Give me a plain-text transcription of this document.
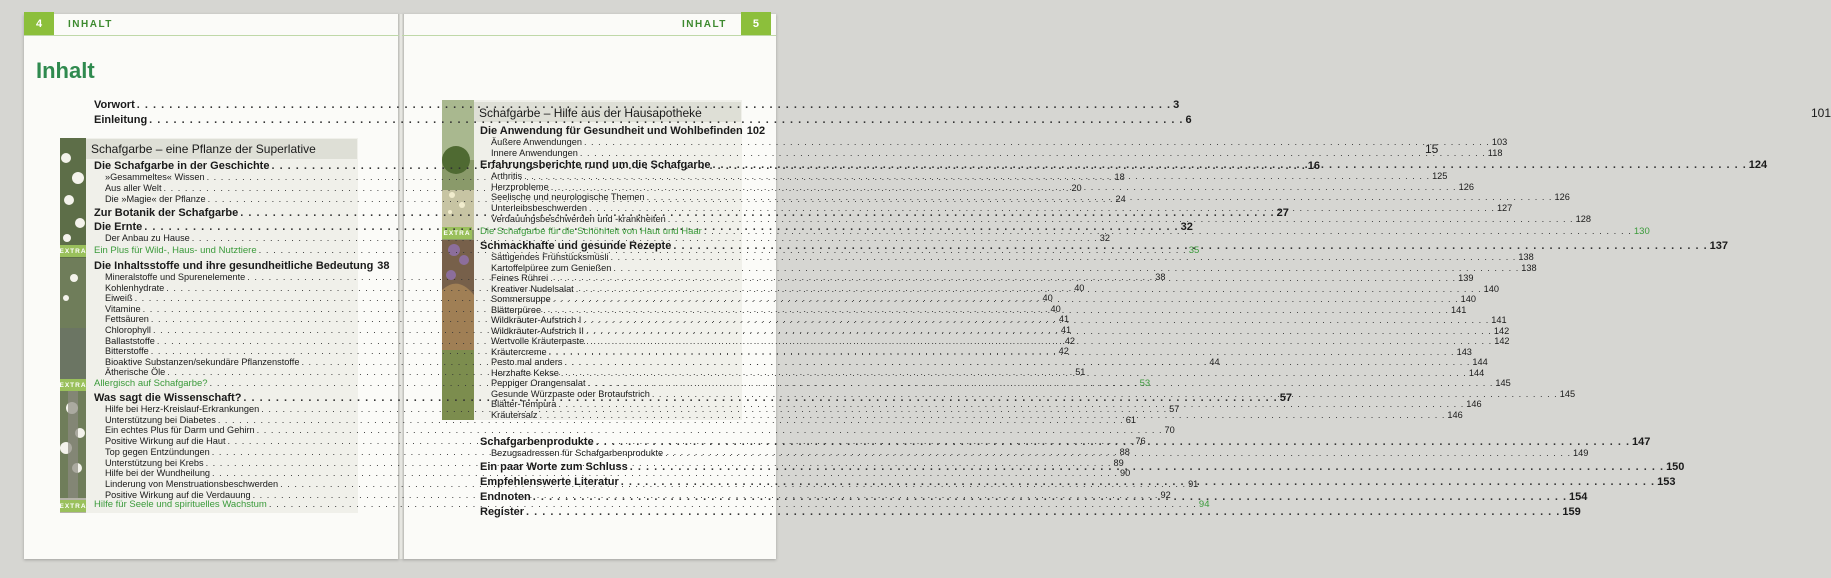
4	INHALT	INHALT	5
Inhalt
EXTRA
EXTRA
EXTRA
EXTRA
Vorwort . . .	3
Einleitung . . .	6
Schafgarbe – eine Pflanze der Superlative	15
Die Schafgarbe in der Geschichte . . .	16
»Gesammeltes« Wissen . . .	18
Aus aller Welt . . .	20
Die »Magie« der Pflanze . . .	24
Zur Botanik der Schafgarbe . . .	27
Die Ernte . . .	32
Der Anbau zu Hause . . .	32
Ein Plus für Wild-, Haus- und Nutztiere . . .	35
Die Inhaltsstoffe und ihre gesundheitliche Bedeutung 38
Mineralstoffe und Spurenelemente . . .	38
Kohlenhydrate . . .	40
Eiweiß . . .	40
Vitamine . . .	40
Fettsäuren . . .	41
Chlorophyll . . .	41
Ballaststoffe . . .	42
Bitterstoffe . . .	42
Bioaktive Substanzen/sekundäre Pflanzenstoffe . . .	44
Ätherische Öle . . .	51
Allergisch auf Schafgarbe? . . .	53
Was sagt die Wissenschaft? . . .	57
Hilfe bei Herz-Kreislauf-Erkrankungen . . .	57
Unterstützung bei Diabetes . . .	61
Ein echtes Plus für Darm und Gehirn . . .	70
Positive Wirkung auf die Haut . . .	76
Top gegen Entzündungen . . .	88
Unterstützung bei Krebs . . .	89
Hilfe bei der Wundheilung . . .	90
Linderung von Menstruationsbeschwerden . . .	91
Positive Wirkung auf die Verdauung . . .	92
Hilfe für Seele und spirituelles Wachstum . . .	94
Schafgarbe – Hilfe aus der Hausapotheke	101
Die Anwendung für Gesundheit und Wohlbefinden 102
Äußere Anwendungen . . .	103
Innere Anwendungen . . .	118
Erfahrungsberichte rund um die Schafgarbe . . .	124
Arthritis . . .	125
Herzprobleme . . .	126
Seelische und neurologische Themen . . .	126
Unterleibsbeschwerden . . .	127
Verdauungsbeschwerden und -krankheiten . . .	128
Die Schafgarbe für die Schönheit von Haut und Haar . . .	130
Schmackhafte und gesunde Rezepte . . .	137
Sättigendes Frühstücksmüsli . . .	138
Kartoffelpüree zum Genießen . . .	138
Feines Rührei . . .	139
Kreativer Nudelsalat . . .	140
Sommersuppe . . .	140
Blätterpüree . . .	141
Wildkräuter-Aufstrich I . . .	141
Wildkräuter-Aufstrich II . . .	142
Wertvolle Kräuterpaste . . .	142
Kräutercreme . . .	143
Pesto mal anders . . .	144
Herzhafte Kekse . . .	144
Peppiger Orangensalat . . .	145
Gesunde Würzpaste oder Brotaufstrich . . .	145
Blätter-Tempura . . .	146
Kräutersalz . . .	146
Schafgarbenprodukte . . .	147
Bezugsadressen für Schafgarbenprodukte . . .	149
Ein paar Worte zum Schluss . . .	150
Empfehlenswerte Literatur . . .	153
Endnoten . . .	154
Register . . .	159
